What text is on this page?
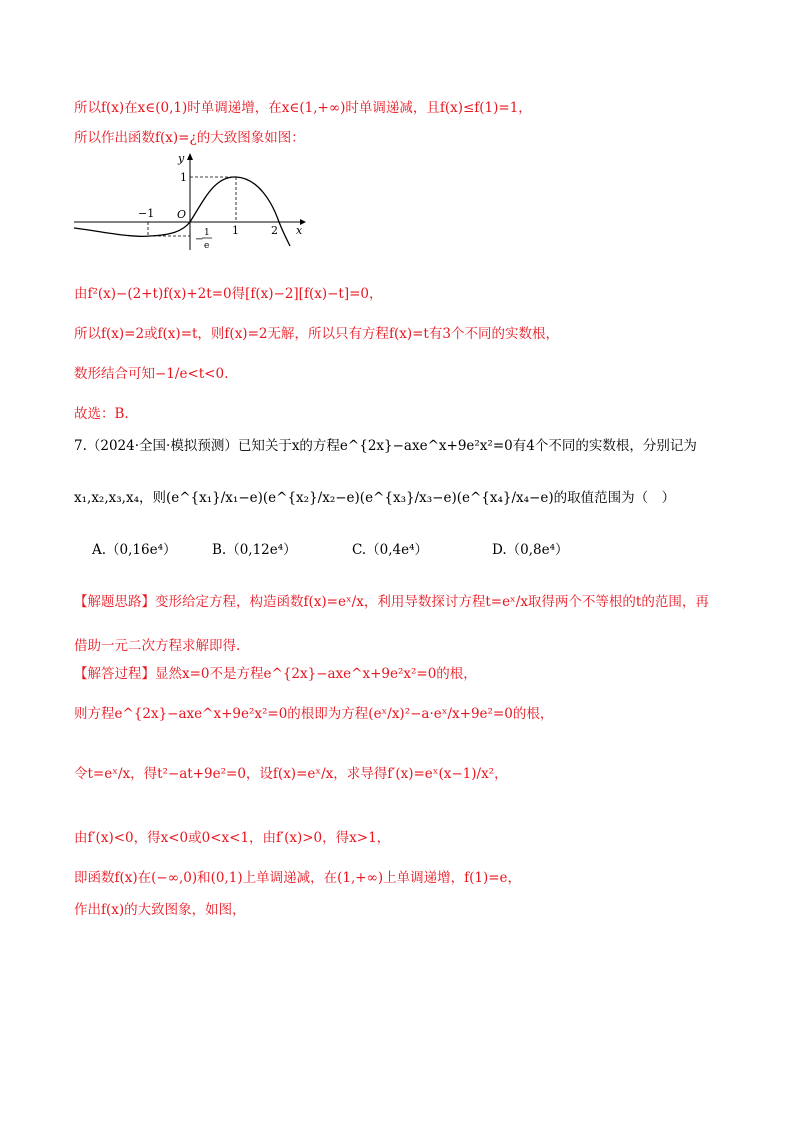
所以f(x)在x∈(0,1)时单调递增，在x∈(1,+∞)时单调递减，且f(x)≤f(1)=1，
所以作出函数f(x)=¿的大致图象如图：
y
x
O
1
−1
1	2
−
1
e
由f²(x)−(2+t)f(x)+2t=0得[f(x)−2][f(x)−t]=0，
所以f(x)=2或f(x)=t，则f(x)=2无解，所以只有方程f(x)=t有3个不同的实数根，
数形结合可知−1/e<t<0.
故选：B.
7.（2024·全国·模拟预测）已知关于x的方程e^{2x}−axe^x+9e²x²=0有4个不同的实数根，分别记为
x₁,x₂,x₃,x₄，则(e^{x₁}/x₁−e)(e^{x₂}/x₂−e)(e^{x₃}/x₃−e)(e^{x₄}/x₄−e)的取值范围为（　）
A.（0,16e⁴）	B.（0,12e⁴）	C.（0,4e⁴）	D.（0,8e⁴）
【解题思路】变形给定方程，构造函数f(x)=eˣ/x，利用导数探讨方程t=eˣ/x取得两个不等根的t的范围，再
借助一元二次方程求解即得.
【解答过程】显然x=0不是方程e^{2x}−axe^x+9e²x²=0的根，
则方程e^{2x}−axe^x+9e²x²=0的根即为方程(eˣ/x)²−a·eˣ/x+9e²=0的根，
令t=eˣ/x，得t²−at+9e²=0，设f(x)=eˣ/x，求导得f′(x)=eˣ(x−1)/x²，
由f′(x)<0，得x<0或0<x<1，由f′(x)>0，得x>1，
即函数f(x)在(−∞,0)和(0,1)上单调递减，在(1,+∞)上单调递增，f(1)=e，
作出f(x)的大致图象，如图，
